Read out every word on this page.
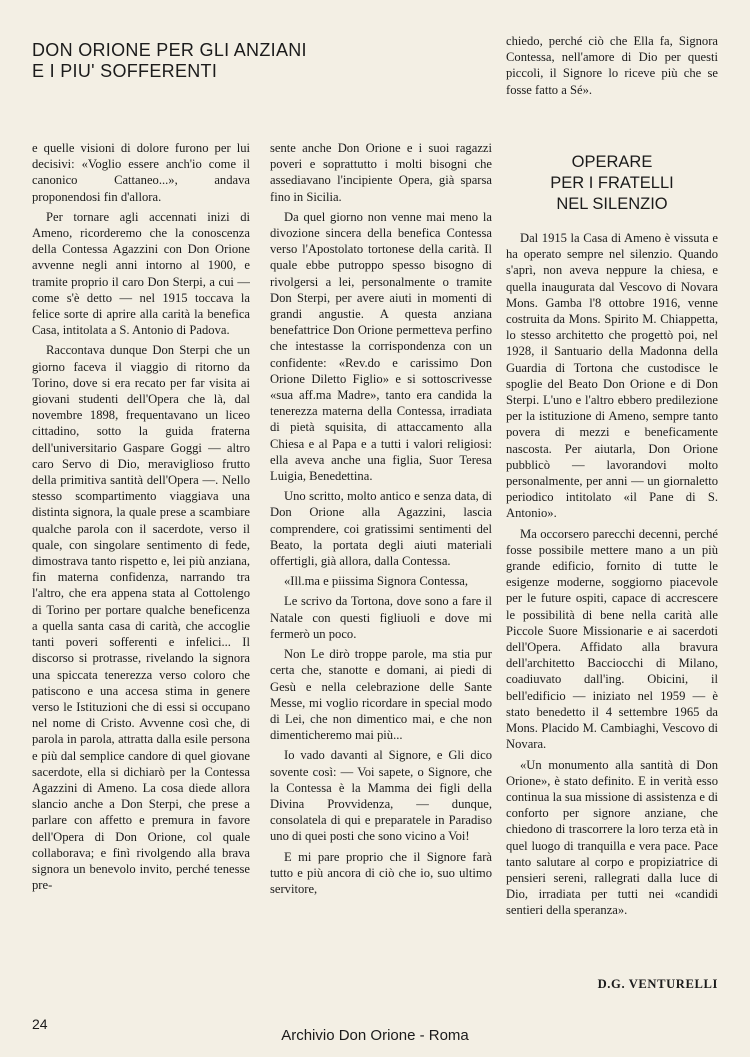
DON ORIONE PER GLI ANZIANI
E I PIU' SOFFERENTI

e quelle visioni di dolore furono per lui decisivi: «Voglio essere anch'io come il canonico Cattaneo...», andava proponendosi fin d'allora.

Per tornare agli accennati inizi di Ameno, ricorderemo che la conoscenza della Contessa Agazzini con Don Orione avvenne negli anni intorno al 1900, e tramite proprio il caro Don Sterpi, a cui — come s'è detto — nel 1915 toccava la felice sorte di aprire alla carità la benefica Casa, intitolata a S. Antonio di Padova.

Raccontava dunque Don Sterpi che un giorno faceva il viaggio di ritorno da Torino, dove si era recato per far visita ai giovani studenti dell'Opera che là, dal novembre 1898, frequentavano un liceo cittadino, sotto la guida fraterna dell'universitario Gaspare Goggi — altro caro Servo di Dio, meraviglioso frutto della primitiva santità dell'Opera —. Nello stesso scompartimento viaggiava una distinta signora, la quale prese a scambiare qualche parola con il sacerdote, verso il quale, con singolare sentimento di fede, dimostrava tanto rispetto e, lei più anziana, fin materna confidenza, narrando tra l'altro, che era appena stata al Cottolengo di Torino per portare qualche beneficenza a quella santa casa di carità, che accoglie tanti poveri sofferenti e infelici... Il discorso si protrasse, rivelando la signora una spiccata tenerezza verso coloro che patiscono e una accesa stima in genere verso le Istituzioni che di essi si occupano nel nome di Cristo. Avvenne così che, di parola in parola, attratta dalla esile persona e più dal semplice candore di quel giovane sacerdote, ella si dichiarò per la Contessa Agazzini di Ameno. La cosa diede allora slancio anche a Don Sterpi, che prese a parlare con affetto e premura in favore dell'Opera di Don Orione, col quale collaborava; e finì rivolgendo alla brava signora un benevolo invito, perché tenesse pre-

sente anche Don Orione e i suoi ragazzi poveri e soprattutto i molti bisogni che assediavano l'incipiente Opera, già sparsa fino in Sicilia.

Da quel giorno non venne mai meno la divozione sincera della benefica Contessa verso l'Apostolato tortonese della carità. Il quale ebbe putroppo spesso bisogno di rivolgersi a lei, personalmente o tramite Don Sterpi, per avere aiuti in momenti di grandi angustie. A questa anziana benefattrice Don Orione permetteva perfino che intestasse la corrispondenza con un confidente: «Rev.do e carissimo Don Orione Diletto Figlio» e si sottoscrivesse «sua aff.ma Madre», tanto era candida la tenerezza materna della Contessa, irradiata di pietà squisita, di attaccamento alla Chiesa e al Papa e a tutti i valori religiosi: ella aveva anche una figlia, Suor Teresa Luigia, Benedettina.

Uno scritto, molto antico e senza data, di Don Orione alla Agazzini, lascia comprendere, coi gratissimi sentimenti del Beato, la portata degli aiuti materiali offertigli, già allora, dalla Contessa.

«Ill.ma e piissima Signora Contessa,

Le scrivo da Tortona, dove sono a fare il Natale con questi figliuoli e dove mi fermerò un poco.

Non Le dirò troppe parole, ma stia pur certa che, stanotte e domani, ai piedi di Gesù e nella celebrazione delle Sante Messe, mi voglio ricordare in special modo di Lei, che non dimentico mai, e che non dimenticheremo mai più...

Io vado davanti al Signore, e Gli dico sovente così: — Voi sapete, o Signore, che la Contessa è la Mamma dei figli della Divina Provvidenza, — dunque, consolatela di qui e preparatele in Paradiso uno di quei posti che sono vicino a Voi!

E mi pare proprio che il Signore farà tutto e più ancora di ciò che io, suo ultimo servitore,

chiedo, perché ciò che Ella fa, Signora Contessa, nell'amore di Dio per questi piccoli, il Signore lo riceve più che se fosse fatto a Sé».

OPERARE
PER I FRATELLI
NEL SILENZIO

Dal 1915 la Casa di Ameno è vissuta e ha operato sempre nel silenzio. Quando s'aprì, non aveva neppure la chiesa, e quella inaugurata dal Vescovo di Novara Mons. Gamba l'8 ottobre 1916, venne costruita da Mons. Spirito M. Chiappetta, lo stesso architetto che progettò poi, nel 1928, il Santuario della Madonna della Guardia di Tortona che custodisce le spoglie del Beato Don Orione e di Don Sterpi. L'uno e l'altro ebbero predilezione per la istituzione di Ameno, sempre tanto povera di mezzi e beneficamente nascosta. Per aiutarla, Don Orione pubblicò — lavorandovi molto personalmente, per anni — un giornaletto periodico intitolato «il Pane di S. Antonio».

Ma occorsero parecchi decenni, perché fosse possibile mettere mano a un più grande edificio, fornito di tutte le esigenze moderne, soggiorno piacevole per le future ospiti, capace di accrescere le possibilità di bene nella carità alle Piccole Suore Missionarie e ai sacerdoti dell'Opera. Affidato alla bravura dell'architetto Bacciocchi di Milano, coadiuvato dall'ing. Obicini, il bell'edificio — iniziato nel 1959 — è stato benedetto il 4 settembre 1965 da Mons. Placido M. Cambiaghi, Vescovo di Novara.

«Un monumento alla santità di Don Orione», è stato definito. E in verità esso continua la sua missione di assistenza e di conforto per signore anziane, che chiedono di trascorrere la loro terza età in quel luogo di tranquilla e vera pace. Pace tanto salutare al corpo e propiziatrice di pensieri sereni, rallegrati dalla luce di Dio, irradiata per tutti nei «candidi sentieri della speranza».

D.G. VENTURELLI
24
Archivio Don Orione - Roma
